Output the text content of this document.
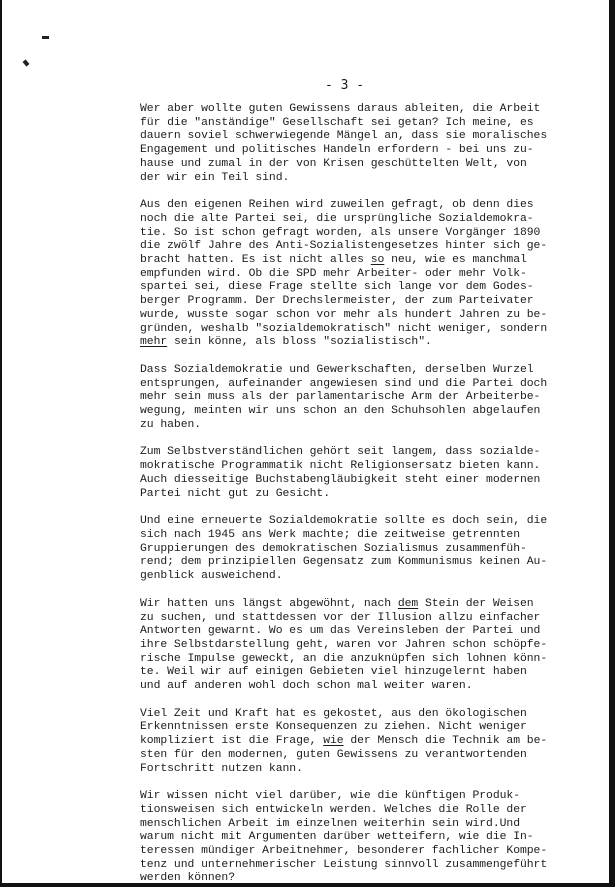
- 3 -
Wer aber wollte guten Gewissens daraus ableiten, die Arbeit
für die "anständige" Gesellschaft sei getan? Ich meine, es
dauern soviel schwerwiegende Mängel an, dass sie moralisches
Engagement und politisches Handeln erfordern - bei uns zu-
hause und zumal in der von Krisen geschüttelten Welt, von
der wir ein Teil sind.
Aus den eigenen Reihen wird zuweilen gefragt, ob denn dies
noch die alte Partei sei, die ursprüngliche Sozialdemokra-
tie. So ist schon gefragt worden, als unsere Vorgänger 1890
die zwölf Jahre des Anti-Sozialistengesetzes hinter sich ge-
bracht hatten. Es ist nicht alles so neu, wie es manchmal
empfunden wird. Ob die SPD mehr Arbeiter- oder mehr Volk-
spartei sei, diese Frage stellte sich lange vor dem Godes-
berger Programm. Der Drechslermeister, der zum Parteivater
wurde, wusste sogar schon vor mehr als hundert Jahren zu be-
gründen, weshalb "sozialdemokratisch" nicht weniger, sondern
mehr sein könne, als bloss "sozialistisch".
Dass Sozialdemokratie und Gewerkschaften, derselben Wurzel
entsprungen, aufeinander angewiesen sind und die Partei doch
mehr sein muss als der parlamentarische Arm der Arbeiterbe-
wegung, meinten wir uns schon an den Schuhsohlen abgelaufen
zu haben.
Zum Selbstverständlichen gehört seit langem, dass sozialde-
mokratische Programmatik nicht Religionsersatz bieten kann.
Auch diesseitige Buchstabengläubigkeit steht einer modernen
Partei nicht gut zu Gesicht.
Und eine erneuerte Sozialdemokratie sollte es doch sein, die
sich nach 1945 ans Werk machte; die zeitweise getrennten
Gruppierungen des demokratischen Sozialismus zusammenfüh-
rend; dem prinzipiellen Gegensatz zum Kommunismus keinen Au-
genblick ausweichend.
Wir hatten uns längst abgewöhnt, nach dem Stein der Weisen
zu suchen, und stattdessen vor der Illusion allzu einfacher
Antworten gewarnt. Wo es um das Vereinsleben der Partei und
ihre Selbstdarstellung geht, waren vor Jahren schon schöpfe-
rische Impulse geweckt, an die anzuknüpfen sich lohnen könn-
te. Weil wir auf einigen Gebieten viel hinzugelernt haben
und auf anderen wohl doch schon mal weiter waren.
Viel Zeit und Kraft hat es gekostet, aus den ökologischen
Erkenntnissen erste Konsequenzen zu ziehen. Nicht weniger
kompliziert ist die Frage, wie der Mensch die Technik am be-
sten für den modernen, guten Gewissens zu verantwortenden
Fortschritt nutzen kann.
Wir wissen nicht viel darüber, wie die künftigen Produk-
tionsweisen sich entwickeln werden. Welches die Rolle der
menschlichen Arbeit im einzelnen weiterhin sein wird.Und
warum nicht mit Argumenten darüber wetteifern, wie die In-
teressen mündiger Arbeitnehmer, besonderer fachlicher Kompe-
tenz und unternehmerischer Leistung sinnvoll zusammengeführt
werden können?
